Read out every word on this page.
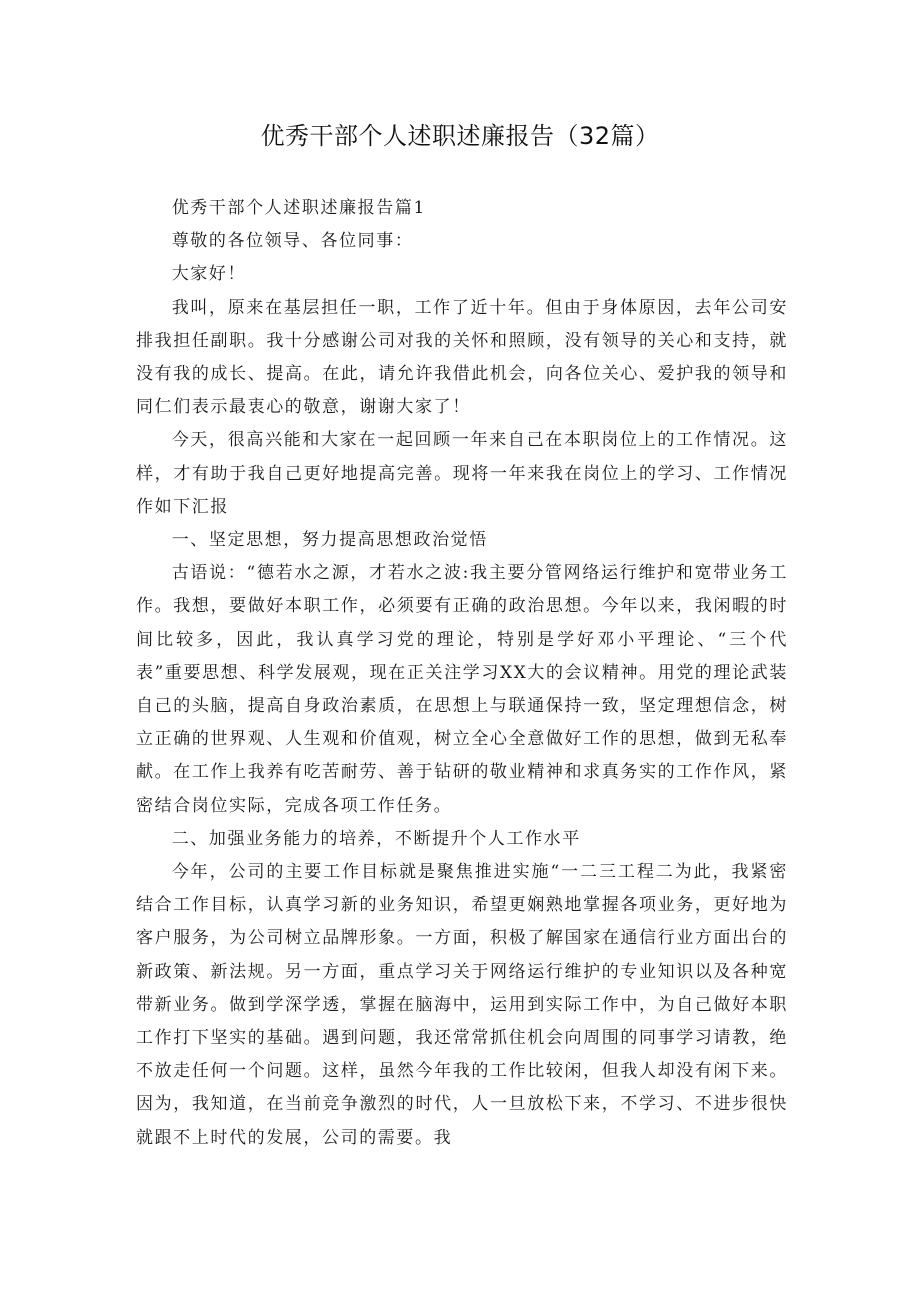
优秀干部个人述职述廉报告（32篇）

优秀干部个人述职述廉报告篇1

尊敬的各位领导、各位同事：

大家好！

我叫，原来在基层担任一职，工作了近十年。但由于身体原因，去年公司安排我担任副职。我十分感谢公司对我的关怀和照顾，没有领导的关心和支持，就没有我的成长、提高。在此，请允许我借此机会，向各位关心、爱护我的领导和同仁们表示最衷心的敬意，谢谢大家了！

今天，很高兴能和大家在一起回顾一年来自己在本职岗位上的工作情况。这样，才有助于我自己更好地提高完善。现将一年来我在岗位上的学习、工作情况作如下汇报

一、坚定思想，努力提高思想政治觉悟

古语说：“德若水之源，才若水之波:我主要分管网络运行维护和宽带业务工作。我想，要做好本职工作，必须要有正确的政治思想。今年以来，我闲暇的时间比较多，因此，我认真学习党的理论，特别是学好邓小平理论、“三个代表”重要思想、科学发展观，现在正关注学习XX大的会议精神。用党的理论武装自己的头脑，提高自身政治素质，在思想上与联通保持一致，坚定理想信念，树立正确的世界观、人生观和价值观，树立全心全意做好工作的思想，做到无私奉献。在工作上我养有吃苦耐劳、善于钻研的敬业精神和求真务实的工作作风，紧密结合岗位实际，完成各项工作任务。

二、加强业务能力的培养，不断提升个人工作水平

今年，公司的主要工作目标就是聚焦推进实施“一二三工程二为此，我紧密结合工作目标，认真学习新的业务知识，希望更娴熟地掌握各项业务，更好地为客户服务，为公司树立品牌形象。一方面，积极了解国家在通信行业方面出台的新政策、新法规。另一方面，重点学习关于网络运行维护的专业知识以及各种宽带新业务。做到学深学透，掌握在脑海中，运用到实际工作中，为自己做好本职工作打下坚实的基础。遇到问题，我还常常抓住机会向周围的同事学习请教，绝不放走任何一个问题。这样，虽然今年我的工作比较闲，但我人却没有闲下来。因为，我知道，在当前竞争激烈的时代，人一旦放松下来，不学习、不进步很快就跟不上时代的发展，公司的需要。我
